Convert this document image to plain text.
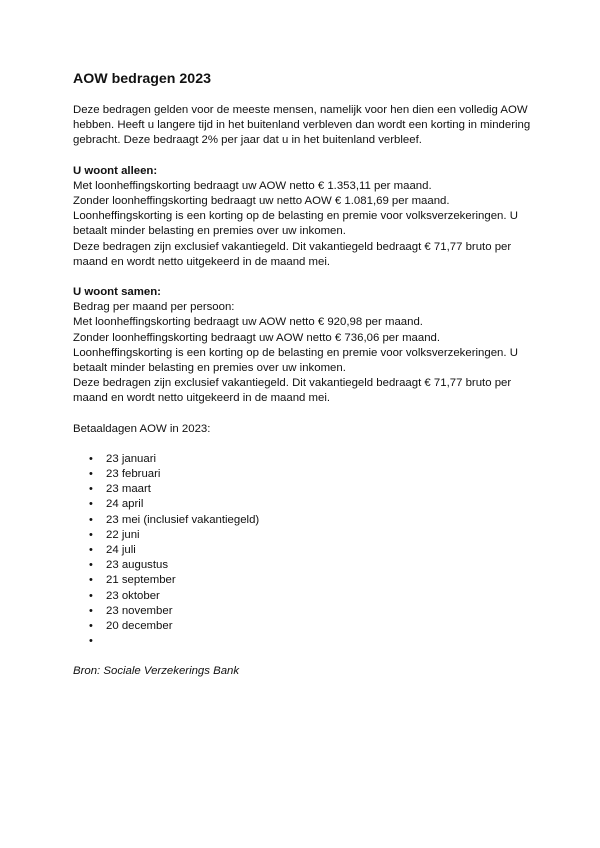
AOW bedragen 2023

Deze bedragen gelden voor de meeste mensen, namelijk voor hen dien een volledig AOW

hebben. Heeft u langere tijd in het buitenland verbleven dan wordt een korting in mindering

gebracht. Deze bedraagt 2% per jaar dat u in het buitenland verbleef.

U woont alleen:

Met loonheffingskorting bedraagt uw AOW netto € 1.353,11 per maand.

Zonder loonheffingskorting bedraagt uw netto AOW € 1.081,69 per maand.

Loonheffingskorting is een korting op de belasting en premie voor volksverzekeringen. U

betaalt minder belasting en premies over uw inkomen.

Deze bedragen zijn exclusief vakantiegeld. Dit vakantiegeld bedraagt € 71,77 bruto per

maand en wordt netto uitgekeerd in de maand mei.

U woont samen:

Bedrag per maand per persoon:

Met loonheffingskorting bedraagt uw AOW netto € 920,98 per maand.

Zonder loonheffingskorting bedraagt uw AOW netto € 736,06 per maand.

Loonheffingskorting is een korting op de belasting en premie voor volksverzekeringen. U

betaalt minder belasting en premies over uw inkomen.

Deze bedragen zijn exclusief vakantiegeld. Dit vakantiegeld bedraagt € 71,77 bruto per

maand en wordt netto uitgekeerd in de maand mei.

Betaaldagen AOW in 2023:

• 23 januari
• 23 februari
• 23 maart
• 24 april
• 23 mei (inclusief vakantiegeld)
• 22 juni
• 24 juli
• 23 augustus
• 21 september
• 23 oktober
• 23 november
• 20 december
•

Bron: Sociale Verzekerings Bank
